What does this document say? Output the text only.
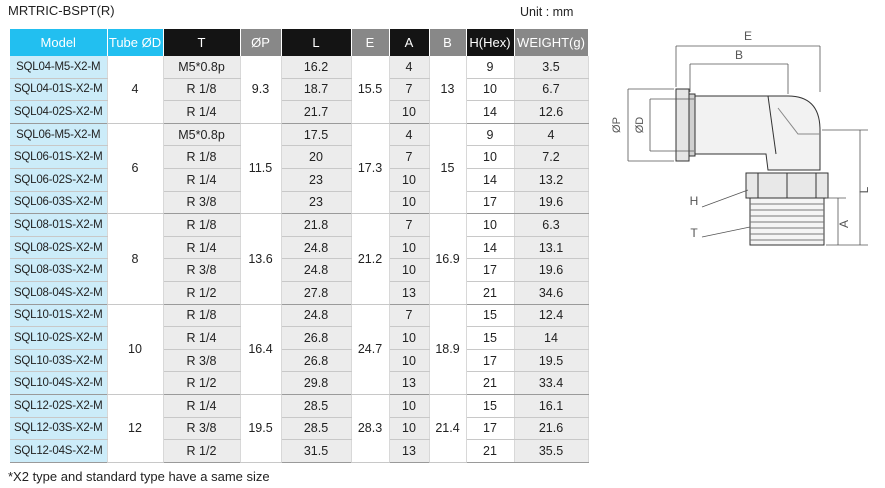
MRTRIC-BSPT(R)	Unit : mm
Model	Tube ØD	T	ØP	L	E	A	B	H(Hex)	WEIGHT(g)
SQL04-M5-X2-M	4	M5*0.8p	9.3	16.2	15.5	4	13	9	3.5
SQL04-01S-X2-M		R 1/8		18.7		7		10	6.7
SQL04-02S-X2-M		R 1/4		21.7		10		14	12.6
SQL06-M5-X2-M	6	M5*0.8p	11.5	17.5	17.3	4	15	9	4
SQL06-01S-X2-M		R 1/8		20		7		10	7.2
SQL06-02S-X2-M		R 1/4		23		10		14	13.2
SQL06-03S-X2-M		R 3/8		23		10		17	19.6
SQL08-01S-X2-M	8	R 1/8	13.6	21.8	21.2	7	16.9	10	6.3
SQL08-02S-X2-M		R 1/4		24.8		10		14	13.1
SQL08-03S-X2-M		R 3/8		24.8		10		17	19.6
SQL08-04S-X2-M		R 1/2		27.8		13		21	34.6
SQL10-01S-X2-M	10	R 1/8	16.4	24.8	24.7	7	18.9	15	12.4
SQL10-02S-X2-M		R 1/4		26.8		10		15	14
SQL10-03S-X2-M		R 3/8		26.8		10		17	19.5
SQL10-04S-X2-M		R 1/2		29.8		13		21	33.4
SQL12-02S-X2-M	12	R 1/4	19.5	28.5	28.3	10	21.4	15	16.1
SQL12-03S-X2-M		R 3/8		28.5		10		17	21.6
SQL12-04S-X2-M		R 1/2		31.5		13		21	35.5
*X2 type and standard type have a same size
E
B
ØP ØD
L
A
H
T
